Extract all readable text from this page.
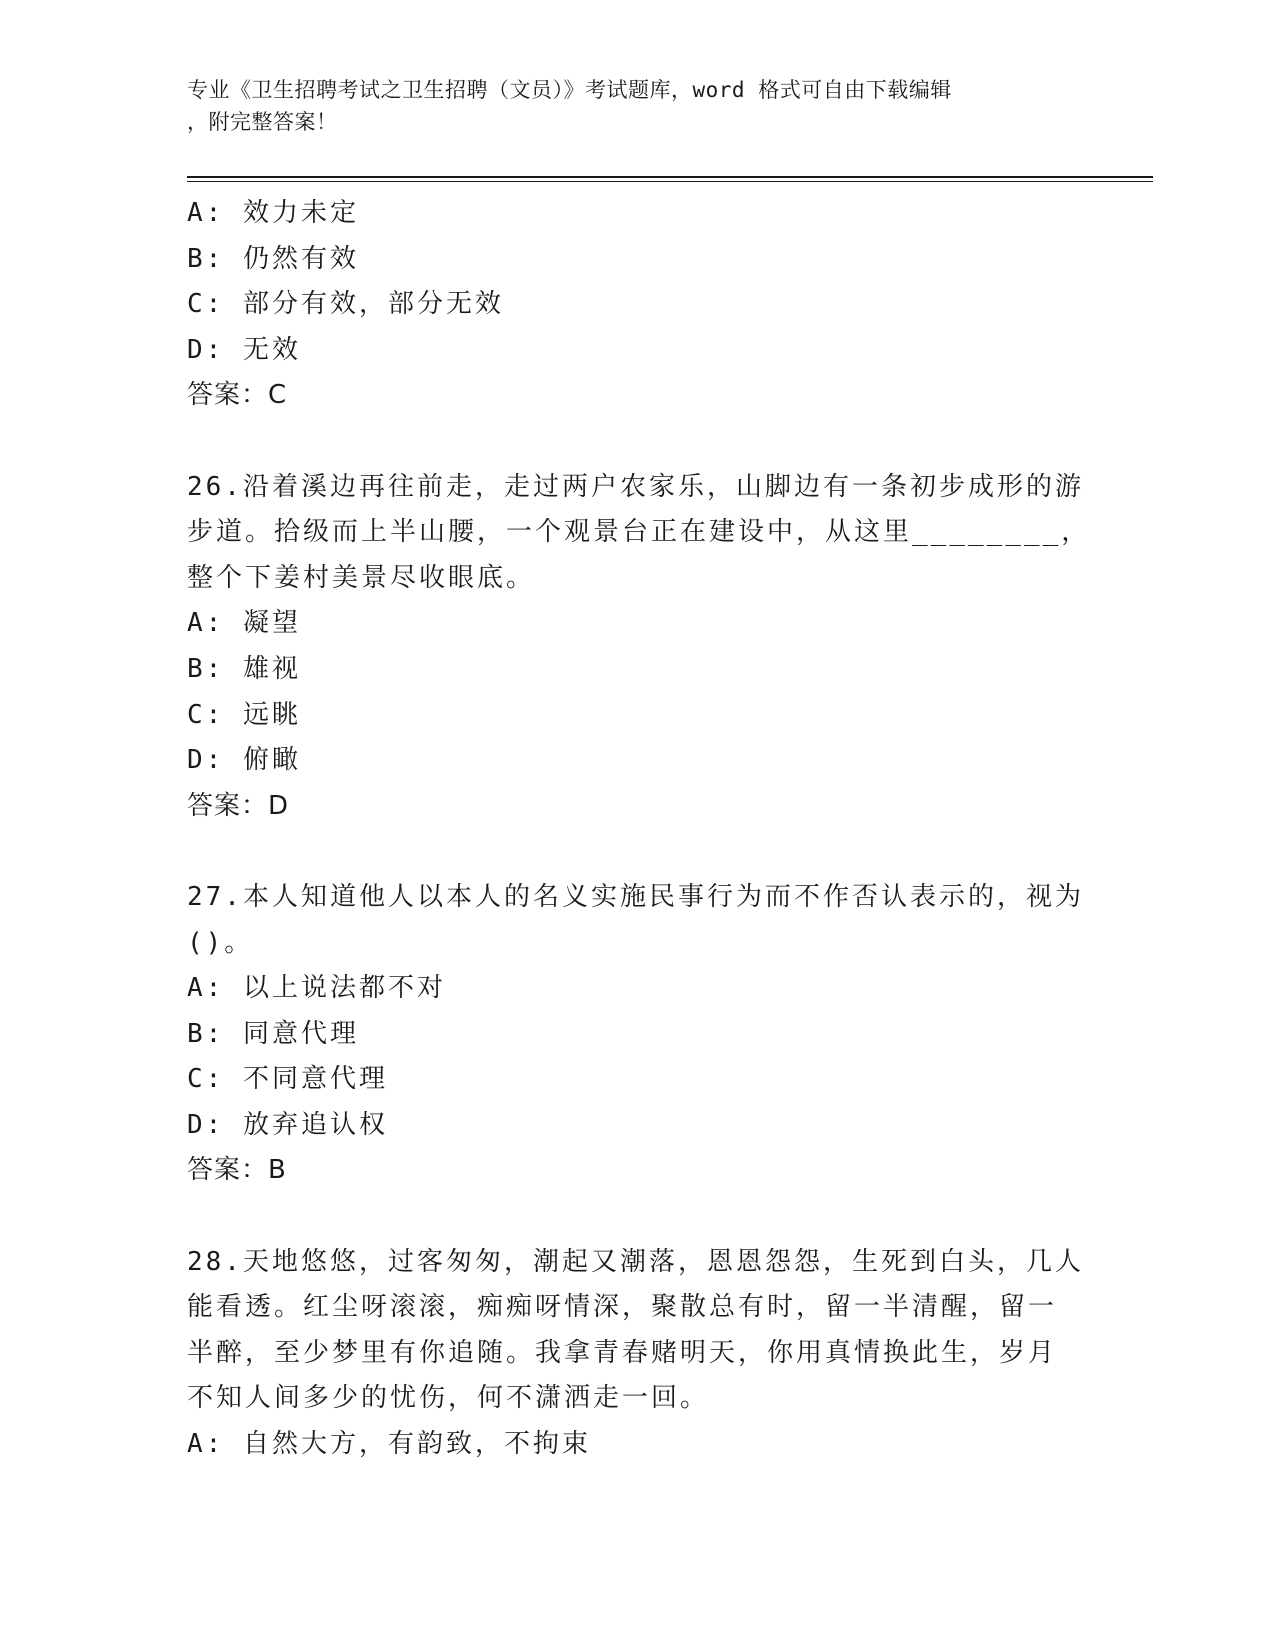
专业《卫生招聘考试之卫生招聘（文员）》考试题库，word 格式可自由下载编辑
，附完整答案！
A: 效力未定
B: 仍然有效
C: 部分有效，部分无效
D: 无效
答案：C
26.沿着溪边再往前走，走过两户农家乐，山脚边有一条初步成形的游
步道。拾级而上半山腰，一个观景台正在建设中，从这里________，
整个下姜村美景尽收眼底。
A: 凝望
B: 雄视
C: 远眺
D: 俯瞰
答案：D
27.本人知道他人以本人的名义实施民事行为而不作否认表示的，视为
()。
A: 以上说法都不对
B: 同意代理
C: 不同意代理
D: 放弃追认权
答案：B
28.天地悠悠，过客匆匆，潮起又潮落，恩恩怨怨，生死到白头，几人
能看透。红尘呀滚滚，痴痴呀情深，聚散总有时，留一半清醒，留一
半醉，至少梦里有你追随。我拿青春赌明天，你用真情换此生，岁月
不知人间多少的忧伤，何不潇洒走一回。
A: 自然大方，有韵致，不拘束
